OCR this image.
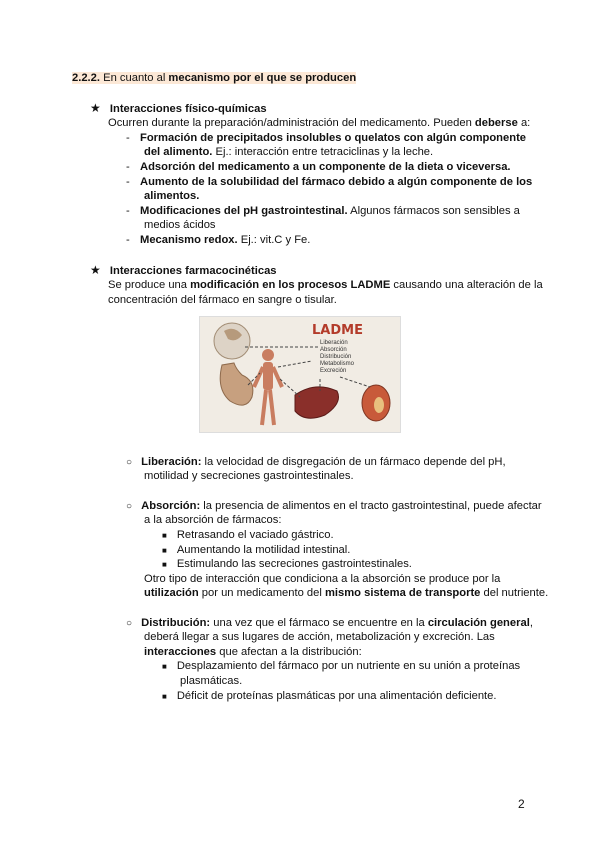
2.2.2. En cuanto al mecanismo por el que se producen
★ Interacciones físico-químicas
Ocurren durante la preparación/administración del medicamento. Pueden deberse a:
- Formación de precipitados insolubles o quelatos con algún componente
del alimento. Ej.: interacción entre tetraciclinas y la leche.
- Adsorción del medicamento a un componente de la dieta o viceversa.
- Aumento de la solubilidad del fármaco debido a algún componente de los
alimentos.
- Modificaciones del pH gastrointestinal. Algunos fármacos son sensibles a
medios ácidos
- Mecanismo redox. Ej.: vit.C y Fe.
★ Interacciones farmacocinéticas
Se produce una modificación en los procesos LADME causando una alteración de la
concentración del fármaco en sangre o tisular.
LADME
Liberación
Absorción
Distribución
Metabolismo
Excreción
○ Liberación: la velocidad de disgregación de un fármaco depende del pH,
motilidad y secreciones gastrointestinales.
○ Absorción: la presencia de alimentos en el tracto gastrointestinal, puede afectar
a la absorción de fármacos:
■ Retrasando el vaciado gástrico.
■ Aumentando la motilidad intestinal.
■ Estimulando las secreciones gastrointestinales.
Otro tipo de interacción que condiciona a la absorción se produce por la
utilización por un medicamento del mismo sistema de transporte del nutriente.
○ Distribución: una vez que el fármaco se encuentre en la circulación general,
deberá llegar a sus lugares de acción, metabolización y excreción. Las
interacciones que afectan a la distribución:
■ Desplazamiento del fármaco por un nutriente en su unión a proteínas
plasmáticas.
■ Déficit de proteínas plasmáticas por una alimentación deficiente.
2
